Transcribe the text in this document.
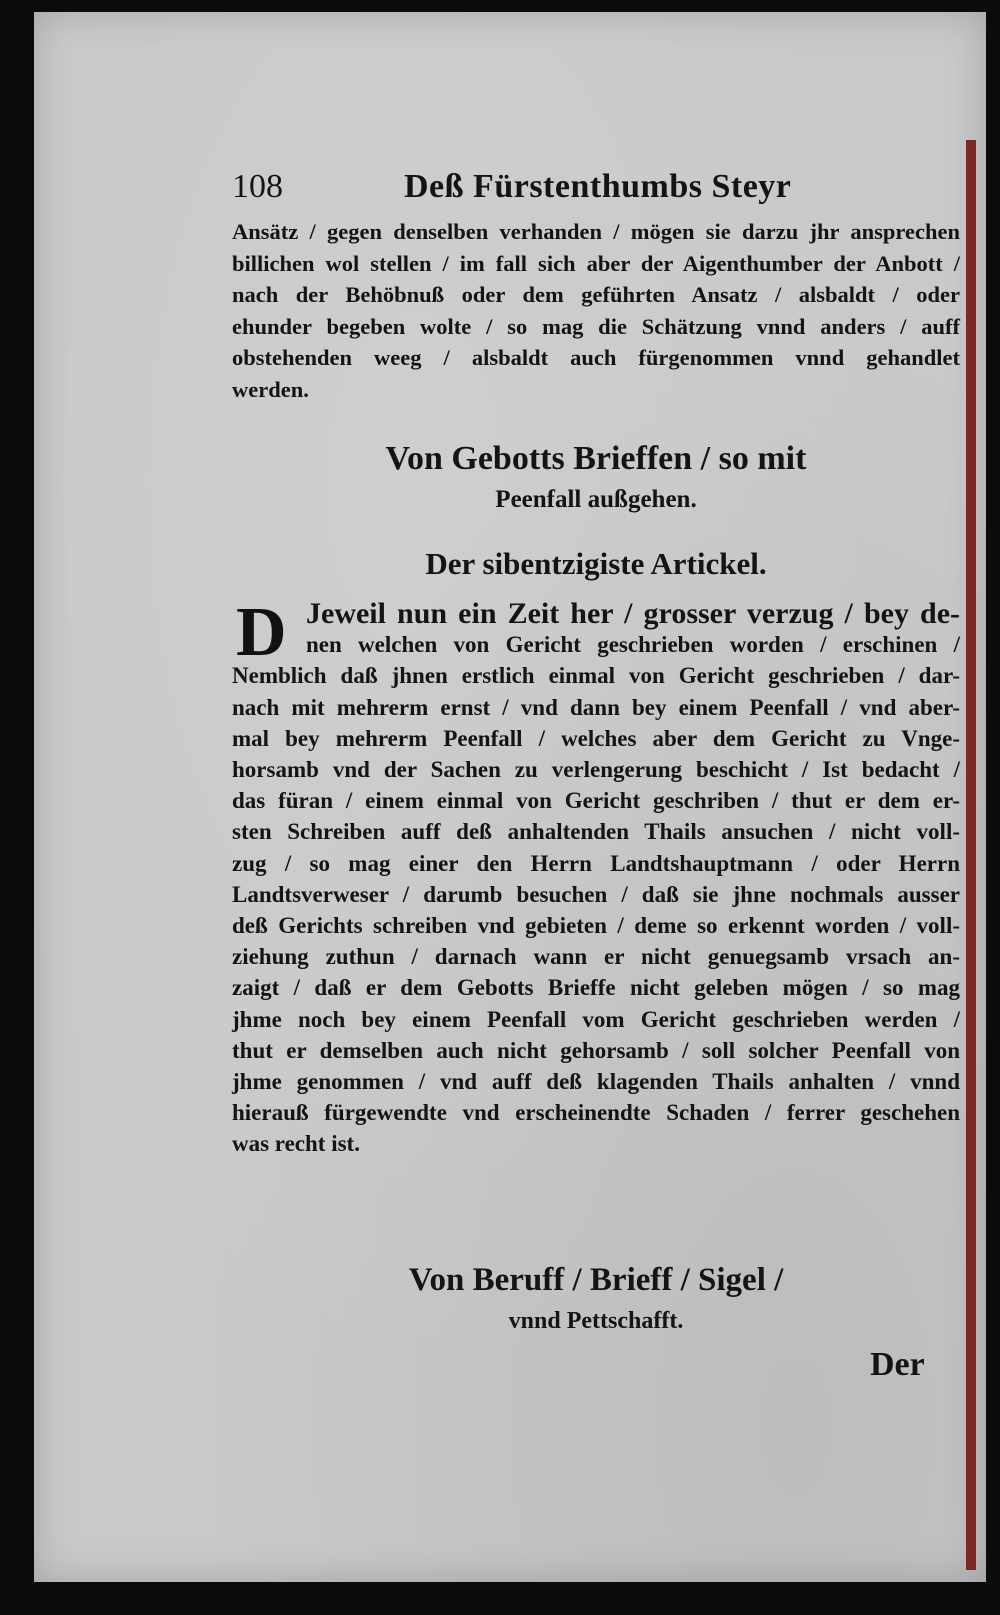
108	Deß Fürstenthumbs Steyr
Ansätz / gegen denselben verhanden / mögen sie darzu jhr ansprechen
billichen wol stellen / im fall sich aber der Aigenthumber der Anbott /
nach der Behöbnuß oder dem geführten Ansatz / alsbaldt / oder
ehunder begeben wolte / so mag die Schätzung vnnd anders / auff
obstehenden weeg / alsbaldt auch fürgenommen vnnd gehandlet
werden.
Von Gebotts Brieffen / so mit
Peenfall außgehen.
Der sibentzigiste Artickel.
D Jeweil nun ein Zeit her / grosser verzug / bey de-
nen welchen von Gericht geschrieben worden / erschinen /
Nemblich daß jhnen erstlich einmal von Gericht geschrieben / dar-
nach mit mehrerm ernst / vnd dann bey einem Peenfall / vnd aber-
mal bey mehrerm Peenfall / welches aber dem Gericht zu Vnge-
horsamb vnd der Sachen zu verlengerung beschicht / Ist bedacht /
das füran / einem einmal von Gericht geschriben / thut er dem er-
sten Schreiben auff deß anhaltenden Thails ansuchen / nicht voll-
zug / so mag einer den Herrn Landtshauptmann / oder Herrn
Landtsverweser / darumb besuchen / daß sie jhne nochmals ausser
deß Gerichts schreiben vnd gebieten / deme so erkennt worden / voll-
ziehung zuthun / darnach wann er nicht genuegsamb vrsach an-
zaigt / daß er dem Gebotts Brieffe nicht geleben mögen / so mag
jhme noch bey einem Peenfall vom Gericht geschrieben werden /
thut er demselben auch nicht gehorsamb / soll solcher Peenfall von
jhme genommen / vnd auff deß klagenden Thails anhalten / vnnd
hierauß fürgewendte vnd erscheinendte Schaden / ferrer geschehen
was recht ist.
Von Beruff / Brieff / Sigel /
vnnd Pettschafft.
Der
